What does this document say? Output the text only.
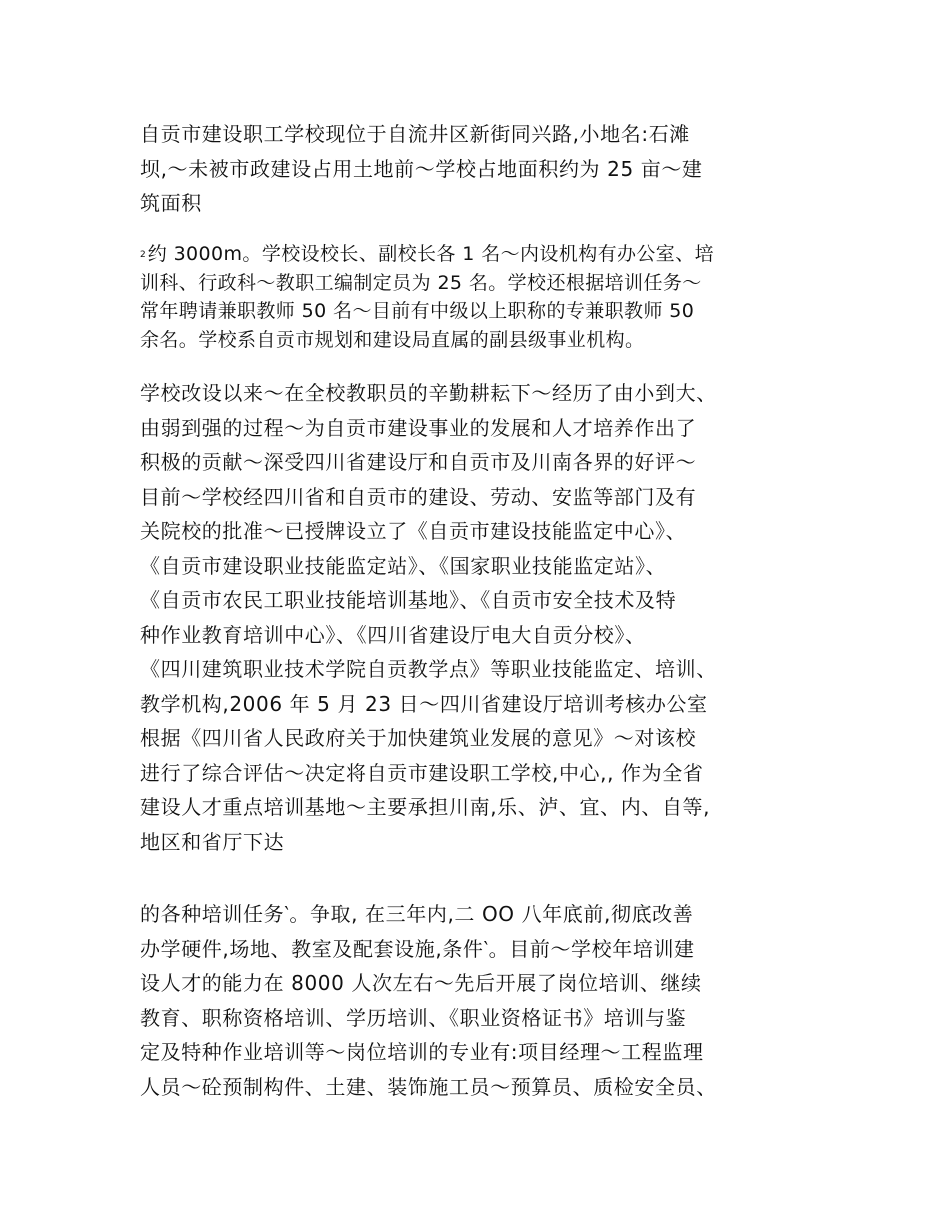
自贡市建设职工学校现位于自流井区新街同兴路,小地名:石滩
坝,～未被市政建设占用土地前～学校占地面积约为 25 亩～建
筑面积
$^2$ 约 3000m。学校设校长、副校长各 1 名～内设机构有办公室、培
训科、行政科～教职工编制定员为 25 名。学校还根据培训任务～
常年聘请兼职教师 50 名～目前有中级以上职称的专兼职教师 50
余名。学校系自贡市规划和建设局直属的副县级事业机构。
学校改设以来～在全校教职员的辛勤耕耘下～经历了由小到大、
由弱到强的过程～为自贡市建设事业的发展和人才培养作出了
积极的贡献～深受四川省建设厅和自贡市及川南各界的好评～
目前～学校经四川省和自贡市的建设、劳动、安监等部门及有
关院校的批准～已授牌设立了《自贡市建设技能监定中心》、
《自贡市建设职业技能监定站》、《国家职业技能监定站》、
《自贡市农民工职业技能培训基地》、《自贡市安全技术及特
种作业教育培训中心》、《四川省建设厅电大自贡分校》、
《四川建筑职业技术学院自贡教学点》等职业技能监定、培训、
教学机构,2006 年 5 月 23 日～四川省建设厅培训考核办公室
根据《四川省人民政府关于加快建筑业发展的意见》～对该校
进行了综合评估～决定将自贡市建设职工学校,中心,, 作为全省
建设人才重点培训基地～主要承担川南,乐、泸、宜、内、自等,
地区和省厅下达
的各种培训任务‵。争取, 在三年内,二 OO 八年底前,彻底改善
办学硬件,场地、教室及配套设施,条件‵。目前～学校年培训建
设人才的能力在 8000 人次左右～先后开展了岗位培训、继续
教育、职称资格培训、学历培训、《职业资格证书》培训与鉴
定及特种作业培训等～岗位培训的专业有:项目经理～工程监理
人员～砼预制构件、土建、装饰施工员～预算员、质检安全员、
